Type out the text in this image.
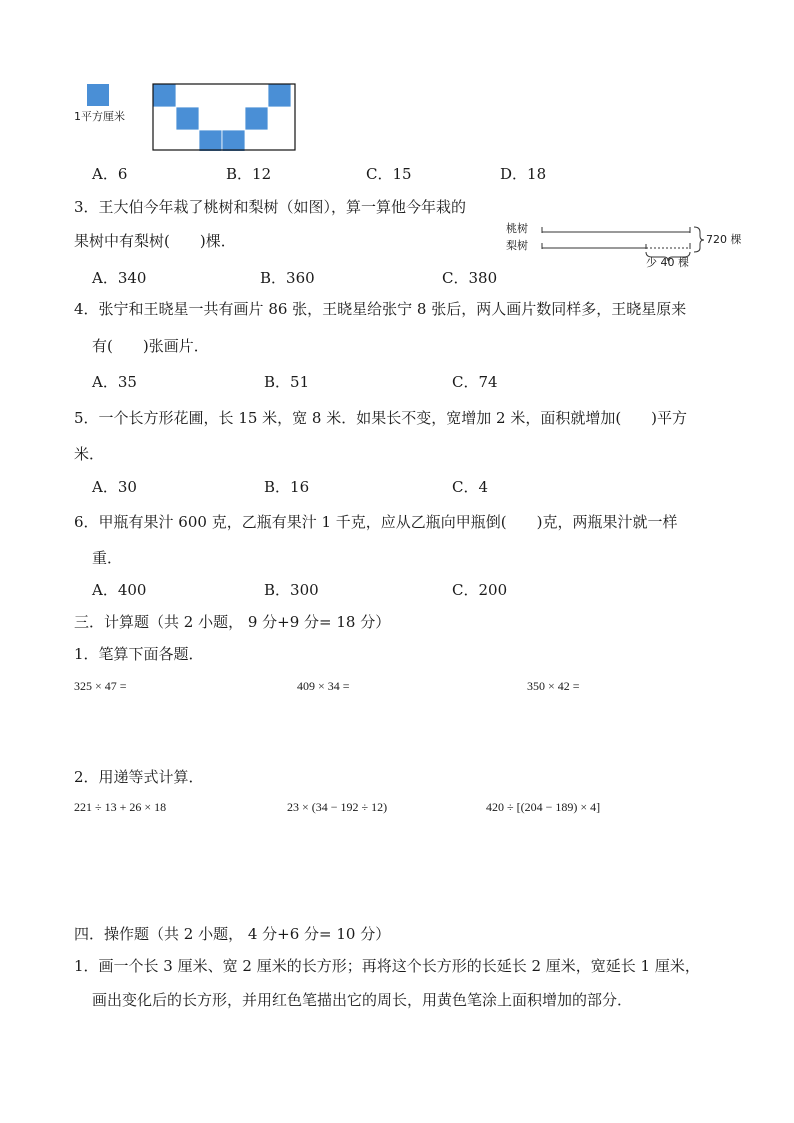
1平方厘米
A．6	B．12	C．15	D．18
3．王大伯今年栽了桃树和梨树（如图），算一算他今年栽的
果树中有梨树(　　)棵．
桃树
梨树	720 棵
少 40 棵
A．340	B．360	C．380
4．张宁和王晓星一共有画片 86 张，王晓星给张宁 8 张后，两人画片数同样多，王晓星原来
有(　　)张画片．
A．35	B．51	C．74
5．一个长方形花圃，长 15 米，宽 8 米．如果长不变，宽增加 2 米，面积就增加(　　)平方
米．
A．30	B．16	C．4
6．甲瓶有果汁 600 克，乙瓶有果汁 1 千克，应从乙瓶向甲瓶倒(　　)克，两瓶果汁就一样
重．
A．400	B．300	C．200
三．计算题（共 2 小题， 9 分+9 分= 18 分）
1．笔算下面各题．
325 × 47 =	409 × 34 =	350 × 42 =
2．用递等式计算．
221 ÷ 13 + 26 × 18	23 × (34 − 192 ÷ 12)	420 ÷ [(204 − 189) × 4]
四．操作题（共 2 小题， 4 分+6 分= 10 分）
1．画一个长 3 厘米、宽 2 厘米的长方形；再将这个长方形的长延长 2 厘米，宽延长 1 厘米，
画出变化后的长方形，并用红色笔描出它的周长，用黄色笔涂上面积增加的部分．
